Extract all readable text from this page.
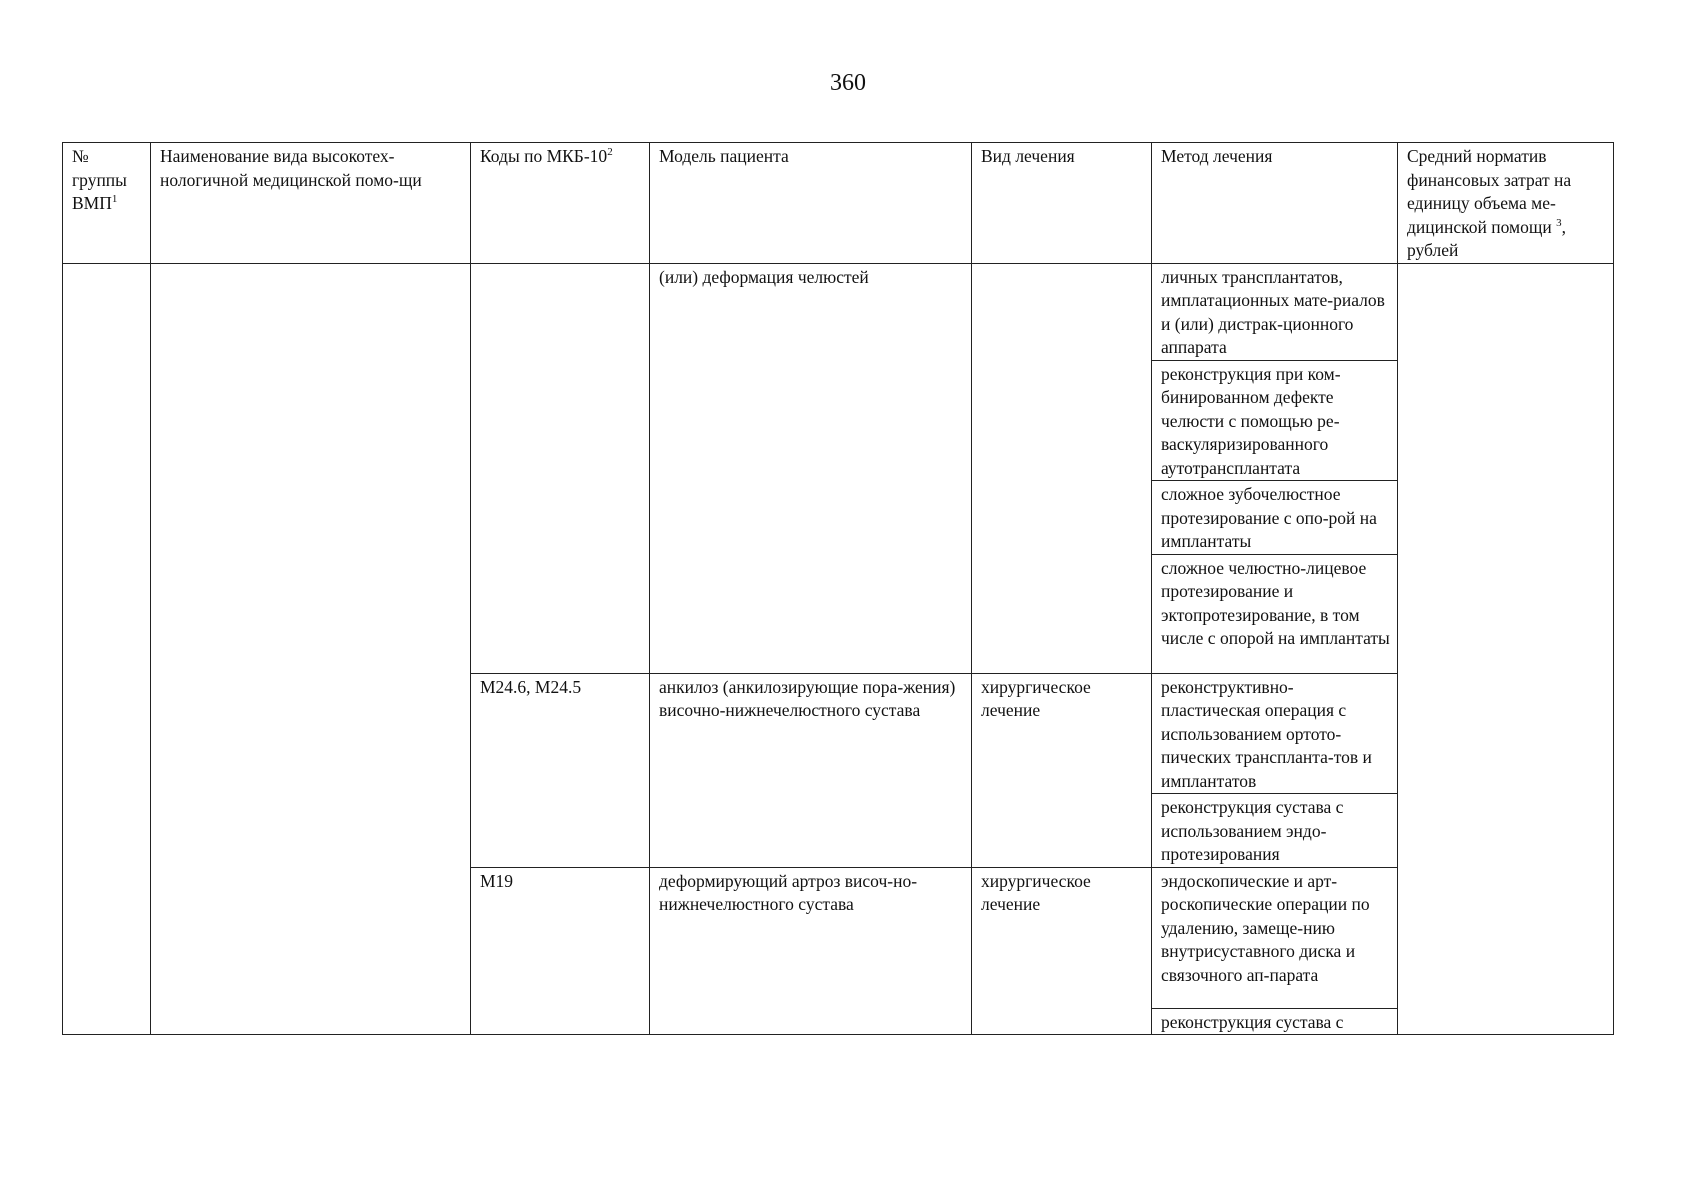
360
№ группы ВМП$^1$	Наименование вида высокотех-нологичной медицинской помо-щи	Коды по МКБ-$10^2$	Модель пациента	Вид лечения	Метод лечения	Средний норматив финансовых затрат на единицу объема ме-дицинской помощи $^3$, рублей
			(или) деформация челюстей		личных трансплантатов, имплатационных мате-риалов и (или) дистрак-ционного аппарата	
					реконструкция при ком-бинированном дефекте челюсти с помощью ре-васкуляризированного аутотрансплантата	
					сложное зубочелюстное протезирование с опо-рой на имплантаты	
					сложное челюстно-лицевое протезирование и эктопротезирование, в том числе с опорой на имплантаты	
		M24.6, M24.5	анкилоз (анкилозирующие пора-жения) височно-нижнечелюстного сустава	хирургическое лечение	реконструктивно-пластическая операция с использованием ортото-пических транспланта-тов и имплантатов	
					реконструкция сустава с использованием эндо-протезирования	
		M19	деформирующий артроз височ-но-нижнечелюстного сустава	хирургическое лечение	эндоскопические и арт-роскопические операции по удалению, замеще-нию внутрисуставного диска и связочного ап-парата	
					реконструкция сустава с	
